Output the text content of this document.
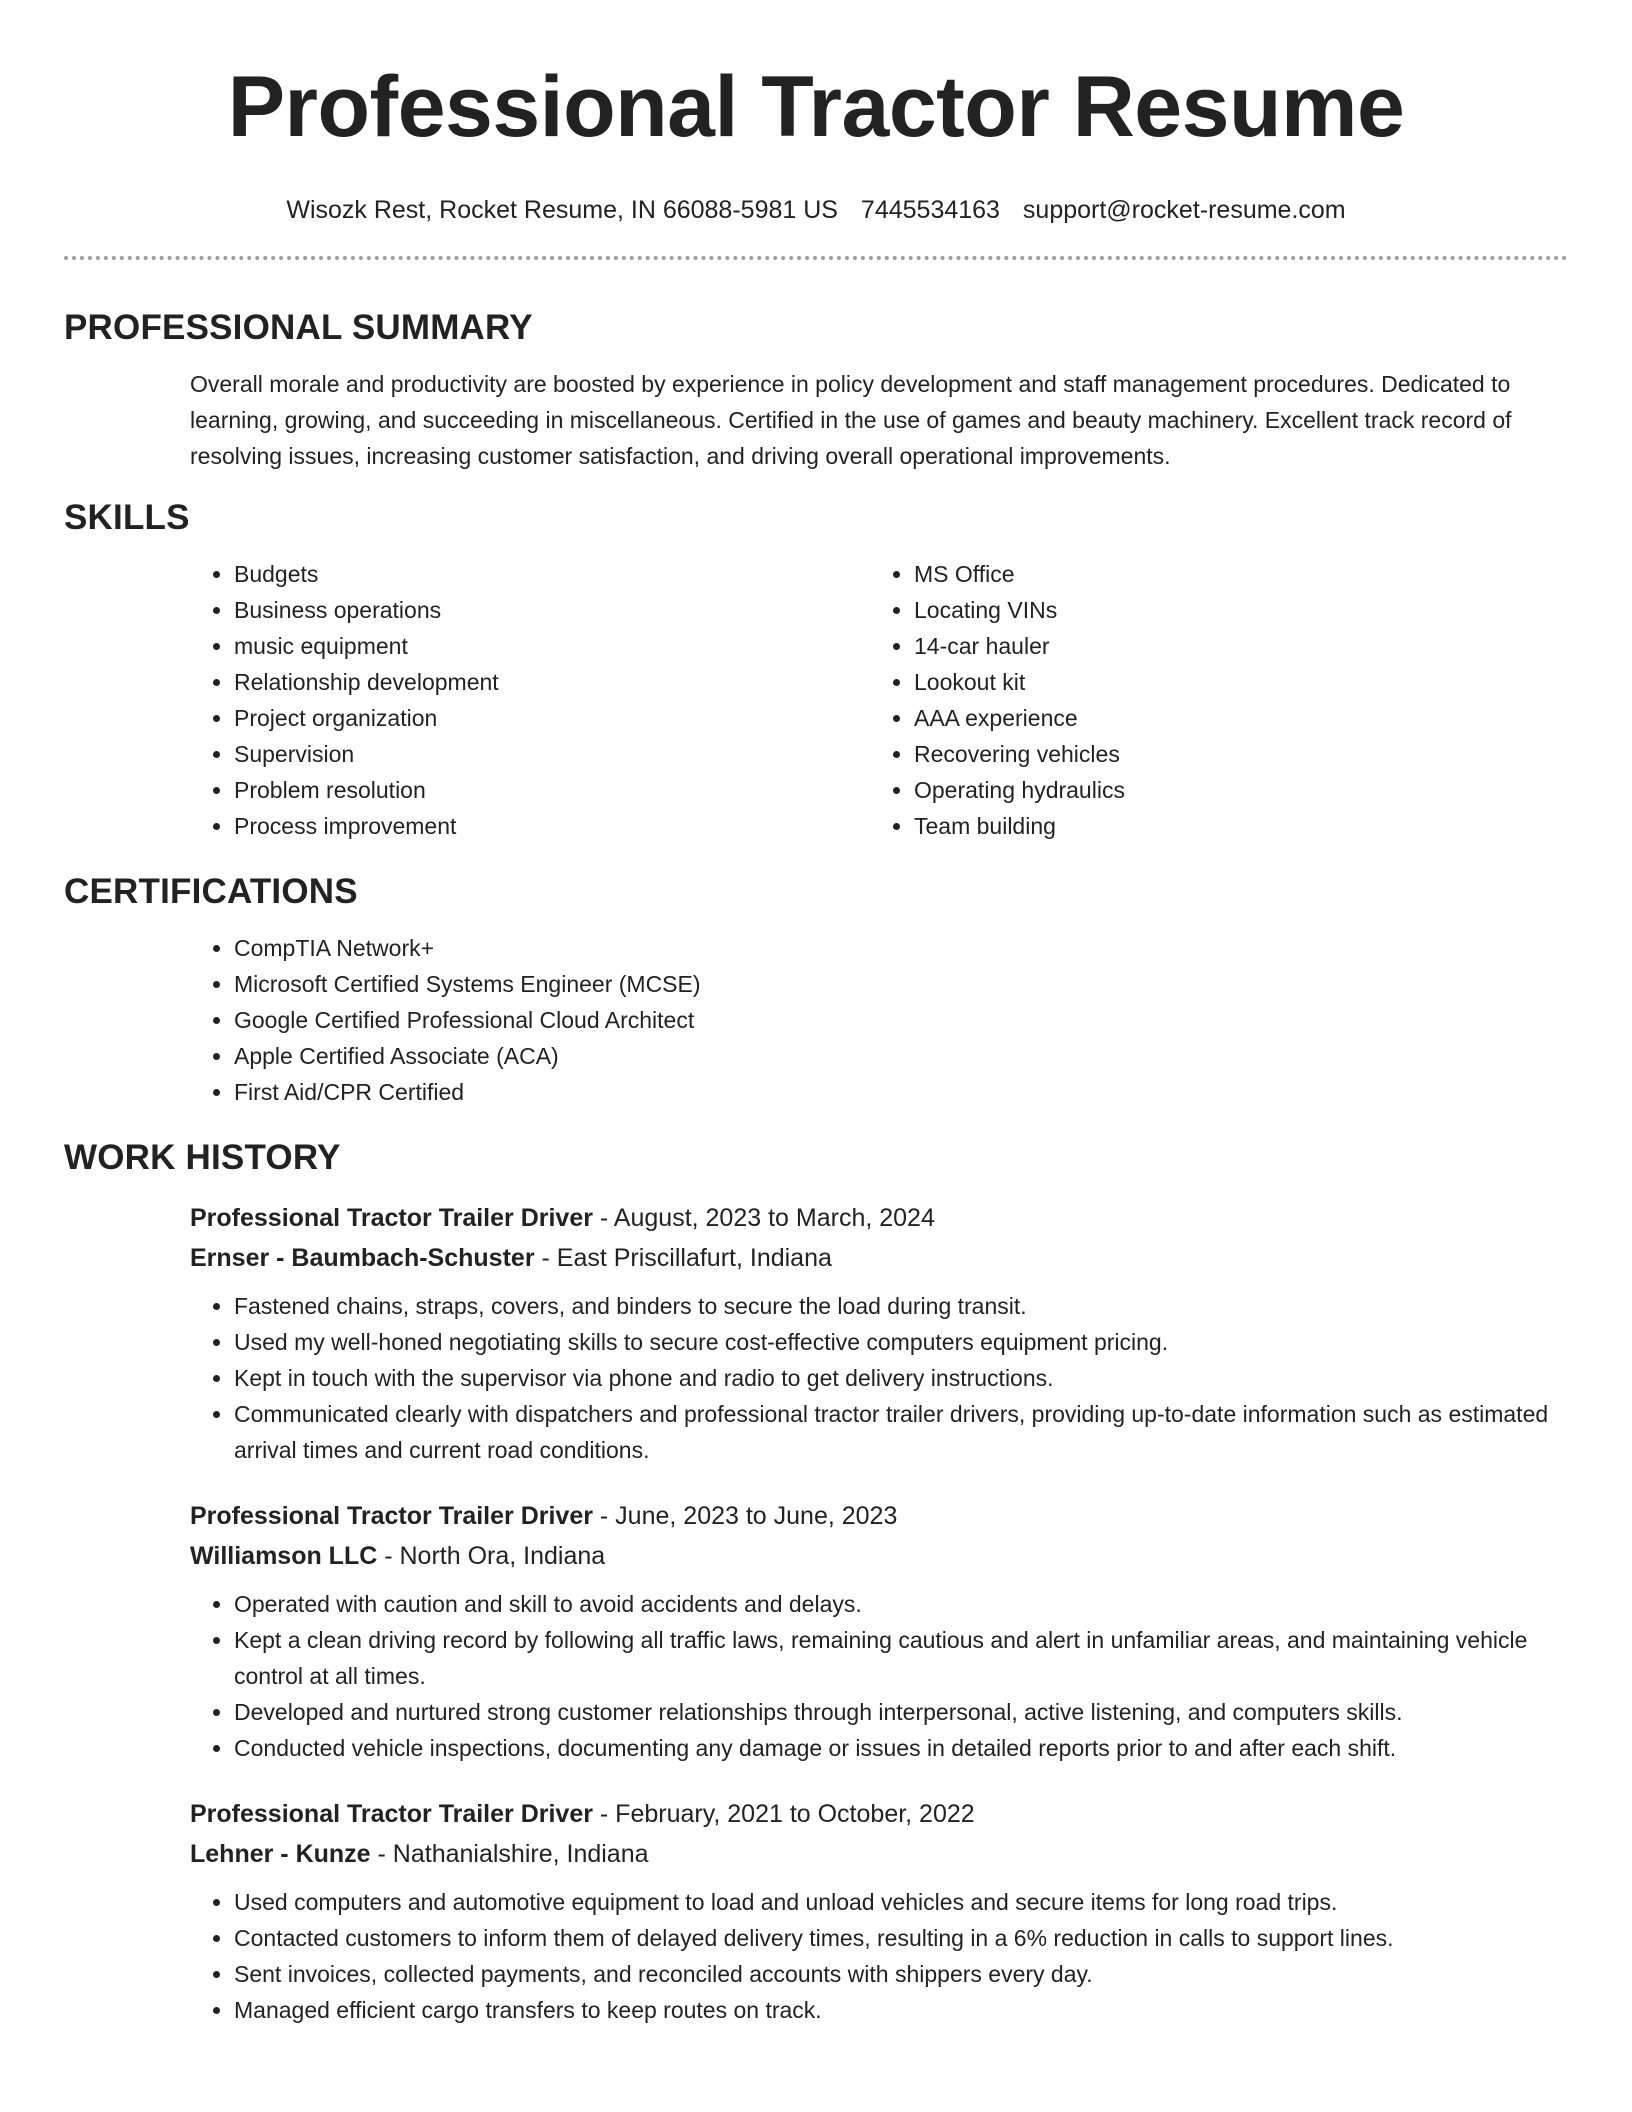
Professional Tractor Resume
Wisozk Rest, Rocket Resume, IN 66088-5981 US 7445534163 support@rocket-resume.com
PROFESSIONAL SUMMARY

Overall morale and productivity are boosted by experience in policy development and staff management procedures. Dedicated to learning, growing, and succeeding in miscellaneous. Certified in the use of games and beauty machinery. Excellent track record of resolving issues, increasing customer satisfaction, and driving overall operational improvements.

SKILLS
• Budgets
• Business operations
• music equipment
• Relationship development
• Project organization
• Supervision
• Problem resolution
• Process improvement
• MS Office
• Locating VINs
• 14-car hauler
• Lookout kit
• AAA experience
• Recovering vehicles
• Operating hydraulics
• Team building
CERTIFICATIONS
• CompTIA Network+
• Microsoft Certified Systems Engineer (MCSE)
• Google Certified Professional Cloud Architect
• Apple Certified Associate (ACA)
• First Aid/CPR Certified
WORK HISTORY
Professional Tractor Trailer Driver - August, 2023 to March, 2024
Ernser - Baumbach-Schuster - East Priscillafurt, Indiana
• Fastened chains, straps, covers, and binders to secure the load during transit.
• Used my well-honed negotiating skills to secure cost-effective computers equipment pricing.
• Kept in touch with the supervisor via phone and radio to get delivery instructions.
• Communicated clearly with dispatchers and professional tractor trailer drivers, providing up-to-date information such as estimated arrival times and current road conditions.
Professional Tractor Trailer Driver - June, 2023 to June, 2023
Williamson LLC - North Ora, Indiana
• Operated with caution and skill to avoid accidents and delays.
• Kept a clean driving record by following all traffic laws, remaining cautious and alert in unfamiliar areas, and maintaining vehicle control at all times.
• Developed and nurtured strong customer relationships through interpersonal, active listening, and computers skills.
• Conducted vehicle inspections, documenting any damage or issues in detailed reports prior to and after each shift.
Professional Tractor Trailer Driver - February, 2021 to October, 2022
Lehner - Kunze - Nathanialshire, Indiana
• Used computers and automotive equipment to load and unload vehicles and secure items for long road trips.
• Contacted customers to inform them of delayed delivery times, resulting in a 6% reduction in calls to support lines.
• Sent invoices, collected payments, and reconciled accounts with shippers every day.
• Managed efficient cargo transfers to keep routes on track.
